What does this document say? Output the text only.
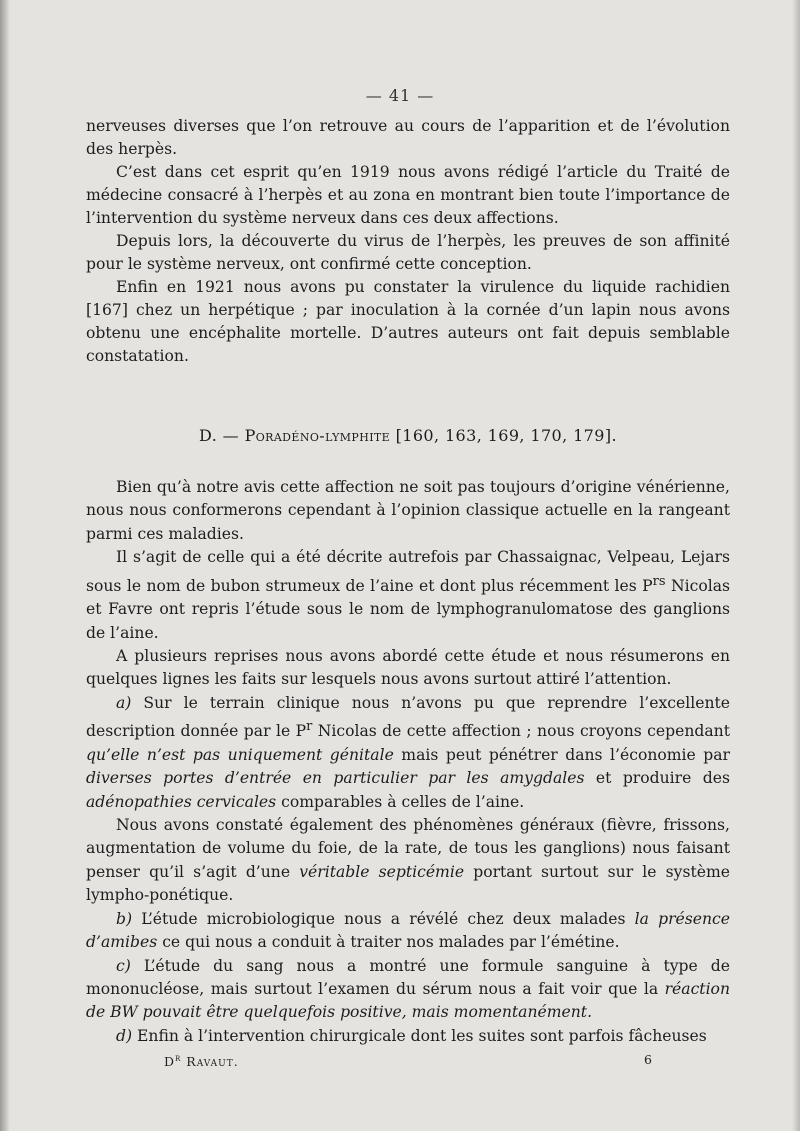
— 41 —

nerveuses diverses que l’on retrouve au cours de l’apparition et de l’évolution des herpès.

C’est dans cet esprit qu’en 1919 nous avons rédigé l’article du Traité de médecine consacré à l’herpès et au zona en montrant bien toute l’importance de l’intervention du système nerveux dans ces deux affections.

Depuis lors, la découverte du virus de l’herpès, les preuves de son affinité pour le système nerveux, ont confirmé cette conception.

Enfin en 1921 nous avons pu constater la virulence du liquide rachidien [167] chez un herpétique ; par inoculation à la cornée d’un lapin nous avons obtenu une encéphalite mortelle. D’autres auteurs ont fait depuis semblable constatation.

D. — Poradéno-lymphite [160, 163, 169, 170, 179].

Bien qu’à notre avis cette affection ne soit pas toujours d’origine vénérienne, nous nous conformerons cependant à l’opinion classique actuelle en la rangeant parmi ces maladies.

Il s’agit de celle qui a été décrite autrefois par Chassaignac, Velpeau, Lejars sous le nom de bubon strumeux de l’aine et dont plus récemment les $P^{rs}$ Nicolas et Favre ont repris l’étude sous le nom de lymphogranulomatose des ganglions de l’aine.

A plusieurs reprises nous avons abordé cette étude et nous résumerons en quelques lignes les faits sur lesquels nous avons surtout attiré l’attention.

a) Sur le terrain clinique nous n’avons pu que reprendre l’excellente description donnée par le $P^r$ Nicolas de cette affection ; nous croyons cependant qu’elle n’est pas uniquement génitale mais peut pénétrer dans l’économie par diverses portes d’entrée en particulier par les amygdales et produire des adénopathies cervicales comparables à celles de l’aine.

Nous avons constaté également des phénomènes généraux (fièvre, frissons, augmentation de volume du foie, de la rate, de tous les ganglions) nous faisant penser qu’il s’agit d’une véritable septicémie portant surtout sur le système lympho-ponétique.

b) L’étude microbiologique nous a révélé chez deux malades la présence d’amibes ce qui nous a conduit à traiter nos malades par l’émétine.

c) L’étude du sang nous a montré une formule sanguine à type de mononucléose, mais surtout l’examen du sérum nous a fait voir que la réaction de BW pouvait être quelquefois positive, mais momentanément.

d) Enfin à l’intervention chirurgicale dont les suites sont parfois fâcheuses

$D^r$ Ravaut.	6
